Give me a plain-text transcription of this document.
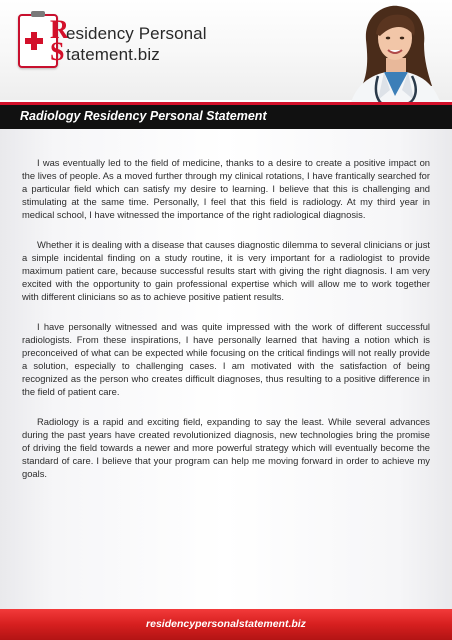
R
S
esidency Personal
tatement.biz
Radiology Residency Personal Statement

I was eventually led to the field of medicine, thanks to a desire to create a positive impact on the lives of people. As a moved further through my clinical rotations, I have frantically searched for a particular field which can satisfy my desire to learning. I believe that this is challenging and stimulating at the same time. Personally, I feel that this field is radiology. At my third year in medical school, I have witnessed the importance of the right radiological diagnosis.

Whether it is dealing with a disease that causes diagnostic dilemma to several clinicians or just a simple incidental finding on a study routine, it is very important for a radiologist to provide maximum patient care, because successful results start with giving the right diagnosis. I am very excited with the opportunity to gain professional expertise which will allow me to work together with different clinicians so as to achieve positive patient results.

I have personally witnessed and was quite impressed with the work of different successful radiologists. From these inspirations, I have personally learned that having a notion which is preconceived of what can be expected while focusing on the critical findings will not really provide a solution, especially to challenging cases. I am motivated with the satisfaction of being recognized as the person who creates difficult diagnoses, thus resulting to a positive difference in the field of patient care.

Radiology is a rapid and exciting field, expanding to say the least. While several advances during the past years have created revolutionized diagnosis, new technologies bring the promise of driving the field towards a newer and more powerful strategy which will eventually become the standard of care. I believe that your program can help me moving forward in order to achieve my goals.

residencypersonalstatement.biz
